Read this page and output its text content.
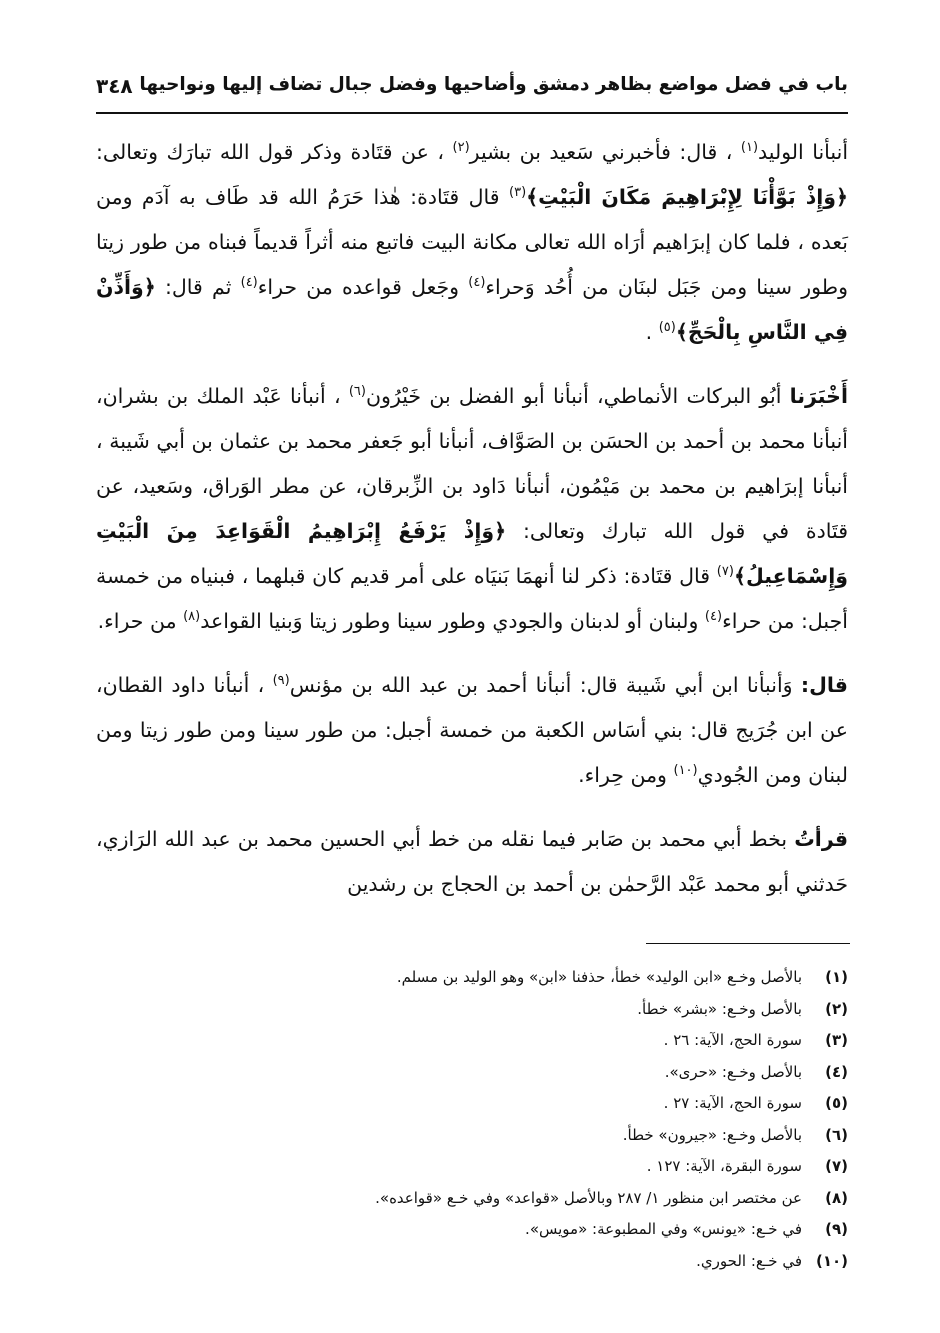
باب في فضل مواضع بظاهر دمشق وأضاحيها وفضل جبال تضاف إليها ونواحيها
٣٤٨

أنبأنا الوليد$^{(١)}$ ، قال: فأخبرني سَعيد بن بشير$^{(٢)}$ ، عن قتَادة وذكر قول الله تبارَك وتعالى: ﴿وَإِذْ بَوَّأْنَا لِإِبْرَاهِيمَ مَكَانَ الْبَيْتِ﴾$^{(٣)}$ قال قتَادة: هٰذا حَرَمُ الله قد طَاف به آدَم ومن بَعده ، فلما كان إبرَاهيم أرَاه الله تعالى مكانة البيت فاتبع منه أثراً قديماً فبناه من طور زيتا وطور سينا ومن جَبَل لبنَان من أُحُد وَحراء$^{(٤)}$ وجَعل قواعده من حراء$^{(٤)}$ ثم قال: ﴿وَأَذِّنْ فِي النَّاسِ بِالْحَجِّ﴾$^{(٥)}$ .

أَخْبَرَنا أبُو البركات الأنماطي، أنبأنا أبو الفضل بن خَيْرُون$^{(٦)}$ ، أنبأنا عَبْد الملك بن بشران، أنبأنا محمد بن أحمد بن الحسَن بن الصَوَّاف، أنبأنا أبو جَعفر محمد بن عثمان بن أبي شَيبة ، أنبأنا إبرَاهيم بن محمد بن مَيْمُون، أنبأنا دَاود بن الزِّبرقان، عن مطر الوَراق، وسَعيد، عن قتَادة في قول الله تبارك وتعالى: ﴿وَإِذْ يَرْفَعُ إِبْرَاهِيمُ الْقَوَاعِدَ مِنَ الْبَيْتِ وَإِسْمَاعِيلُ﴾$^{(٧)}$ قال قتَادة: ذكر لنا أنهمَا بَنيَاه على أمر قديم كان قبلهما ، فبنياه من خمسة أجبل: من حراء$^{(٤)}$ ولبنان أو لدبنان والجودي وطور سينا وطور زيتا وَبنيا القواعد$^{(٨)}$ من حراء.

قال: وَأنبأنا ابن أبي شَيبة قال: أنبأنا أحمد بن عبد الله بن مؤنس$^{(٩)}$ ، أنبأنا داود القطان، عن ابن جُرَيج قال: بني أسَاس الكعبة من خمسة أجبل: من طور سينا ومن طور زيتا ومن لبنان ومن الجُودي$^{(١٠)}$ ومن حِراء.

قرأتُ بخط أبي محمد بن صَابر فيما نقله من خط أبي الحسين محمد بن عبد الله الرَازي، حَدثني أبو محمد عَبْد الرَّحمٰن بن أحمد بن الحجاج بن رشدين

(١)
بالأصل وخـع «ابن الوليد» خطأ، حذفنا «ابن» وهو الوليد بن مسلم.
(٢)
بالأصل وخـع: «بشر» خطأ.
(٣)
سورة الحج، الآية: ٢٦ .
(٤)
بالأصل وخـع: «حرى».
(٥)
سورة الحج، الآية: ٢٧ .
(٦)
بالأصل وخـع: «جيرون» خطأ.
(٧)
سورة البقرة، الآية: ١٢٧ .
(٨)
عن مختصر ابن منظور ١/ ٢٨٧ وبالأصل «قواعد» وفي خـع «قواعده».
(٩)
في خـع: «يونس» وفي المطبوعة: «مويس».
(١٠)
في خـع: الحوري.
